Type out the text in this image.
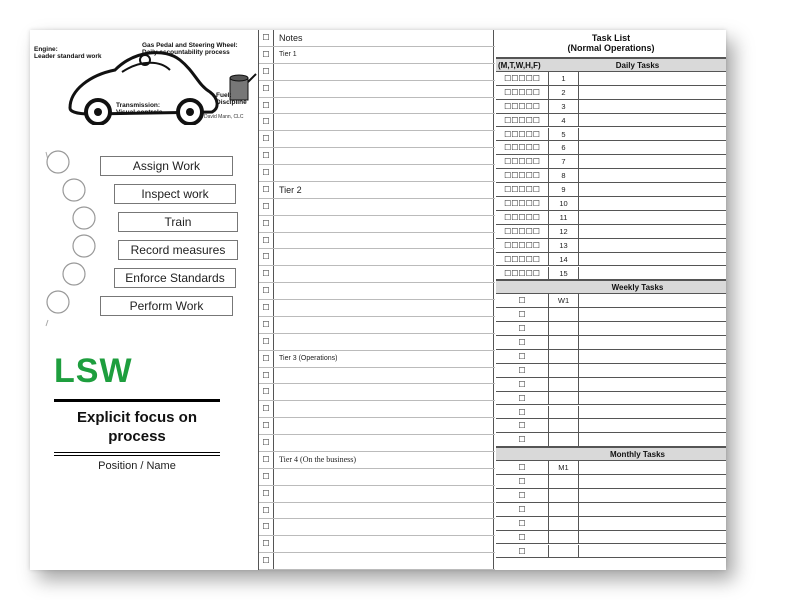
Engine:
Leader standard work
Gas Pedal and Steering Wheel:
Daily accountability process
Transmission:
Visual controls
Fuel:
Discipline
David Mann, CLC
Assign Work
Inspect work
Train
Record measures
Enforce Standards
Perform Work
LSW
Explicit focus on process
Position / Name
☐	Notes
☐	Tier 1
☐
☐
☐
☐
☐
☐
☐
☐	Tier 2
☐
☐
☐
☐
☐
☐
☐
☐
☐
☐	Tier 3 (Operations)
☐
☐
☐
☐
☐
☐	Tier 4 (On the business)
☐
☐
☐
☐
☐
☐
Task List
(Normal Operations)
(M,T,W,H,F)	Daily Tasks
☐☐☐☐☐	1
☐☐☐☐☐	2
☐☐☐☐☐	3
☐☐☐☐☐	4
☐☐☐☐☐	5
☐☐☐☐☐	6
☐☐☐☐☐	7
☐☐☐☐☐	8
☐☐☐☐☐	9
☐☐☐☐☐	10
☐☐☐☐☐	11
☐☐☐☐☐	12
☐☐☐☐☐	13
☐☐☐☐☐	14
☐☐☐☐☐	15
Weekly Tasks
☐	W1
☐
☐
☐
☐
☐
☐
☐
☐
☐
☐
Monthly Tasks
☐	M1
☐
☐
☐
☐
☐
☐
